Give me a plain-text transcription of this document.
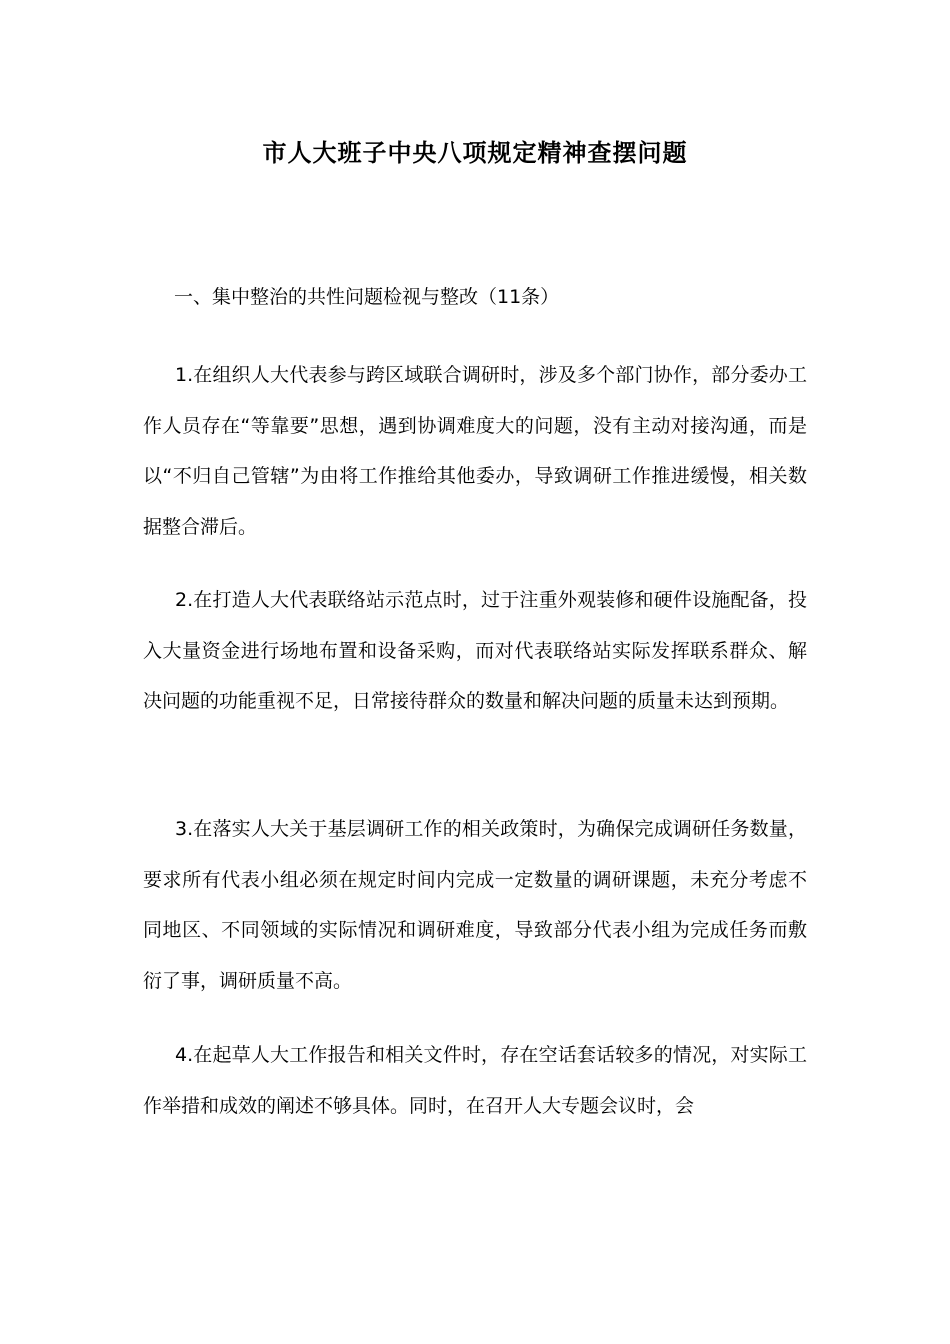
市人大班子中央八项规定精神查摆问题
一、集中整治的共性问题检视与整改（11条）

1.在组织人大代表参与跨区域联合调研时，涉及多个部门协作，部分委办工作人员存在“等靠要”思想，遇到协调难度大的问题，没有主动对接沟通，而是以“不归自己管辖”为由将工作推给其他委办，导致调研工作推进缓慢，相关数据整合滞后。

2.在打造人大代表联络站示范点时，过于注重外观装修和硬件设施配备，投入大量资金进行场地布置和设备采购，而对代表联络站实际发挥联系群众、解决问题的功能重视不足，日常接待群众的数量和解决问题的质量未达到预期。

3.在落实人大关于基层调研工作的相关政策时，为确保完成调研任务数量，要求所有代表小组必须在规定时间内完成一定数量的调研课题，未充分考虑不同地区、不同领域的实际情况和调研难度，导致部分代表小组为完成任务而敷衍了事，调研质量不高。

4.在起草人大工作报告和相关文件时，存在空话套话较多的情况，对实际工作举措和成效的阐述不够具体。同时，在召开人大专题会议时，会
